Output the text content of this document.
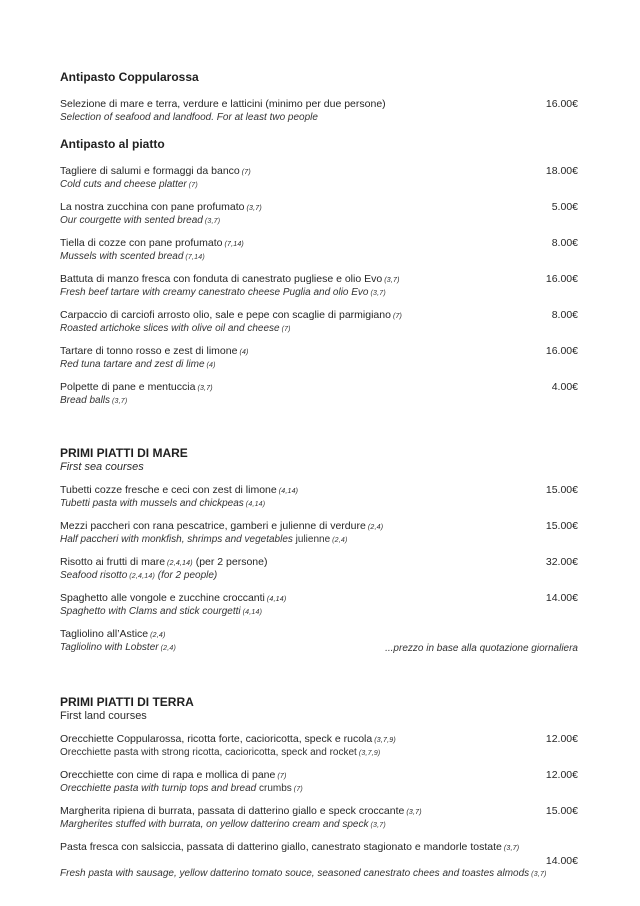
Antipasto Coppularossa
Selezione di mare e terra, verdure e latticini (minimo per due persone)
Selection of seafood and landfood. For at least two people
16.00€
Antipasto al piatto
Tagliere di salumi e formaggi da banco (7)
Cold cuts and cheese platter (7)
18.00€
La nostra zucchina con pane profumato (3,7)
Our courgette with sented bread (3,7)
5.00€
Tiella di cozze con pane profumato (7,14)
Mussels with scented bread (7,14)
8.00€
Battuta di manzo fresca con fonduta di canestrato pugliese e olio Evo (3,7)
Fresh beef tartare with creamy canestrato cheese Puglia and olio Evo (3,7)
16.00€
Carpaccio di carciofi arrosto olio, sale e pepe con scaglie di parmigiano (7)
Roasted artichoke slices with olive oil and cheese (7)
8.00€
Tartare di tonno rosso e zest di limone (4)
Red tuna tartare and zest di lime (4)
16.00€
Polpette di pane e mentuccia (3,7)
Bread balls (3,7)
4.00€
PRIMI PIATTI DI MARE
First sea courses
Tubetti cozze fresche e ceci con zest di limone (4,14)
Tubetti pasta with mussels and chickpeas (4,14)
15.00€
Mezzi paccheri con rana pescatrice, gamberi e julienne di verdure (2,4)
Half paccheri with monkfish, shrimps and vegetables julienne (2,4)
15.00€
Risotto ai frutti di mare (2,4,14) (per 2 persone)
Seafood risotto (2,4,14) (for 2 people)
32.00€
Spaghetto alle vongole e zucchine croccanti (4,14)
Spaghetto with Clams and stick courgetti (4,14)
14.00€
Tagliolino all’Astice (2,4)
Tagliolino with Lobster (2,4)	...prezzo in base alla quotazione giornaliera
PRIMI PIATTI DI TERRA
First land courses
Orecchiette Coppularossa, ricotta forte, cacioricotta, speck e rucola (3,7,9)
Orecchiette pasta with strong ricotta, cacioricotta, speck and rocket (3,7,9)
12.00€
Orecchiette con cime di rapa e mollica di pane (7)
Orecchiette pasta with turnip tops and bread crumbs (7)
12.00€
Margherita ripiena di burrata, passata di datterino giallo e speck croccante (3,7)
Margherites stuffed with burrata, on yellow datterino cream and speck (3,7)
15.00€
Pasta fresca con salsiccia, passata di datterino giallo, canestrato stagionato e mandorle tostate (3,7)
14.00€
Fresh pasta with sausage, yellow datterino tomato souce, seasoned canestrato chees and toastes almods (3,7)
